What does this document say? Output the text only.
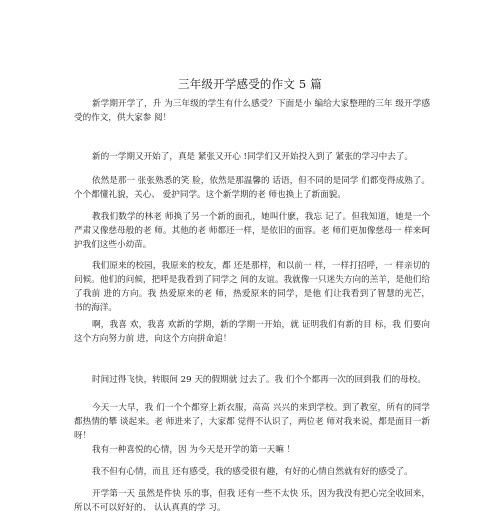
三年级开学感受的作文 5 篇

新学期开学了，升 为三年级的学生有什么感受？下面是小 编给大家整理的三年 级开学感受的作文，供大家参 阅！

新的一学期又开始了，真是 紧张又开心 !同学们又开始投入到了 紧张的学习中去了。

依然是那一 张张熟悉的笑 脸，依然是那温馨的 话语，但不同的是同学 们都变得成熟了。个个都懂礼貌，关心、 爱护同学。这个新学期的老 师也换上了新面貌。

教我们数学的林老 师换了另一个新的面孔，她叫什麽，我忘 记了。但我知道，她是一个严肃又像慈母般的老 师。其他的老 师都还一样，是依旧的面容。老 师们更加像慈母一 样来呵护我们这些小幼苗。

我们原来的校园，我原来的校友，都 还是那样，和以前一 样，一样打招呼，一 样亲切的问候。他们的问候，把呼是我看到了同学之 间的友谊。我就像一只迷失方向的羔羊，是他们给了我前 进的方向。我 热爱原来的老 师，热爱原来的同学，是他 们让我看到了智慧的光芒， 书的海洋。

啊，我喜 欢，我喜 欢新的学期，新的学期一开始，就 证明我们有新的目 标，我 们要向这个方向努力前 进，向这个方向拼命追！

时间过得飞快，转眼间 29 天的假期就 过去了。我 们个个都再一次的回到我 们的母校。

今天一大早，我 们一个个都穿上新衣服，高高 兴兴的来到学校。到了教室，所有的同学都热情的攀 谈起来。老 师进来了，大家都 觉得不认识了，两位老 师对我来说，都是面目一新呀！

我有一种喜悦的心情，因 为今天是开学的第一天嘛 ！

我不但有心情，而且 还有感受，我的感受很有趣，有好的心情自然就有好的感受了。

开学第一天 虽然是件快 乐的事，但我 还有一些不太快 乐，因为我没有把心完全收回来，所以不可以好好的、 认认真真的学 习。
